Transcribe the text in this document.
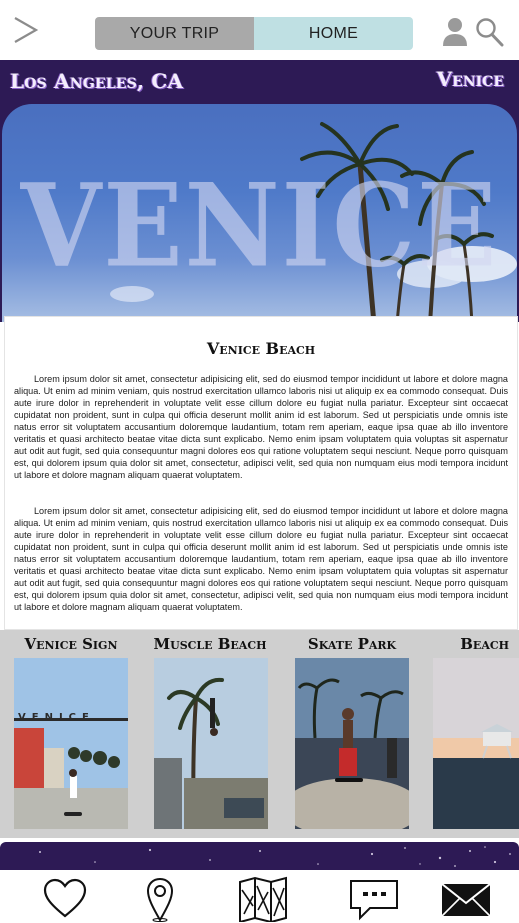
YOUR TRIP	HOME
Los Angeles, CA	Venice
VENICE
Venice Beach

Lorem ipsum dolor sit amet, consectetur adipisicing elit, sed do eiusmod tempor incididunt ut labore et dolore magna aliqua. Ut enim ad minim veniam, quis nostrud exercitation ullamco laboris nisi ut aliquip ex ea commodo consequat. Duis aute irure dolor in reprehenderit in voluptate velit esse cillum dolore eu fugiat nulla pariatur. Excepteur sint occaecat cupidatat non proident, sunt in culpa qui officia deserunt mollit anim id est laborum. Sed ut perspiciatis unde omnis iste natus error sit voluptatem accusantium doloremque laudantium, totam rem aperiam, eaque ipsa quae ab illo inventore veritatis et quasi architecto beatae vitae dicta sunt explicabo. Nemo enim ipsam voluptatem quia voluptas sit aspernatur aut odit aut fugit, sed quia consequuntur magni dolores eos qui ratione voluptatem sequi nesciunt. Neque porro quisquam est, qui dolorem ipsum quia dolor sit amet, consectetur, adipisci velit, sed quia non numquam eius modi tempora incidunt ut labore et dolore magnam aliquam quaerat voluptatem.

Lorem ipsum dolor sit amet, consectetur adipisicing elit, sed do eiusmod tempor incididunt ut labore et dolore magna aliqua. Ut enim ad minim veniam, quis nostrud exercitation ullamco laboris nisi ut aliquip ex ea commodo consequat. Duis aute irure dolor in reprehenderit in voluptate velit esse cillum dolore eu fugiat nulla pariatur. Excepteur sint occaecat cupidatat non proident, sunt in culpa qui officia deserunt mollit anim id est laborum. Sed ut perspiciatis unde omnis iste natus error sit voluptatem accusantium doloremque laudantium, totam rem aperiam, eaque ipsa quae ab illo inventore veritatis et quasi architecto beatae vitae dicta sunt explicabo. Nemo enim ipsam voluptatem quia voluptas sit aspernatur aut odit aut fugit, sed quia consequuntur magni dolores eos qui ratione voluptatem sequi nesciunt. Neque porro quisquam est, qui dolorem ipsum quia dolor sit amet, consectetur, adipisci velit, sed quia non numquam eius modi tempora incidunt ut labore et dolore magnam aliquam quaerat voluptatem.

Venice Sign
VENICE
Muscle Beach	Skate Park	Beach
